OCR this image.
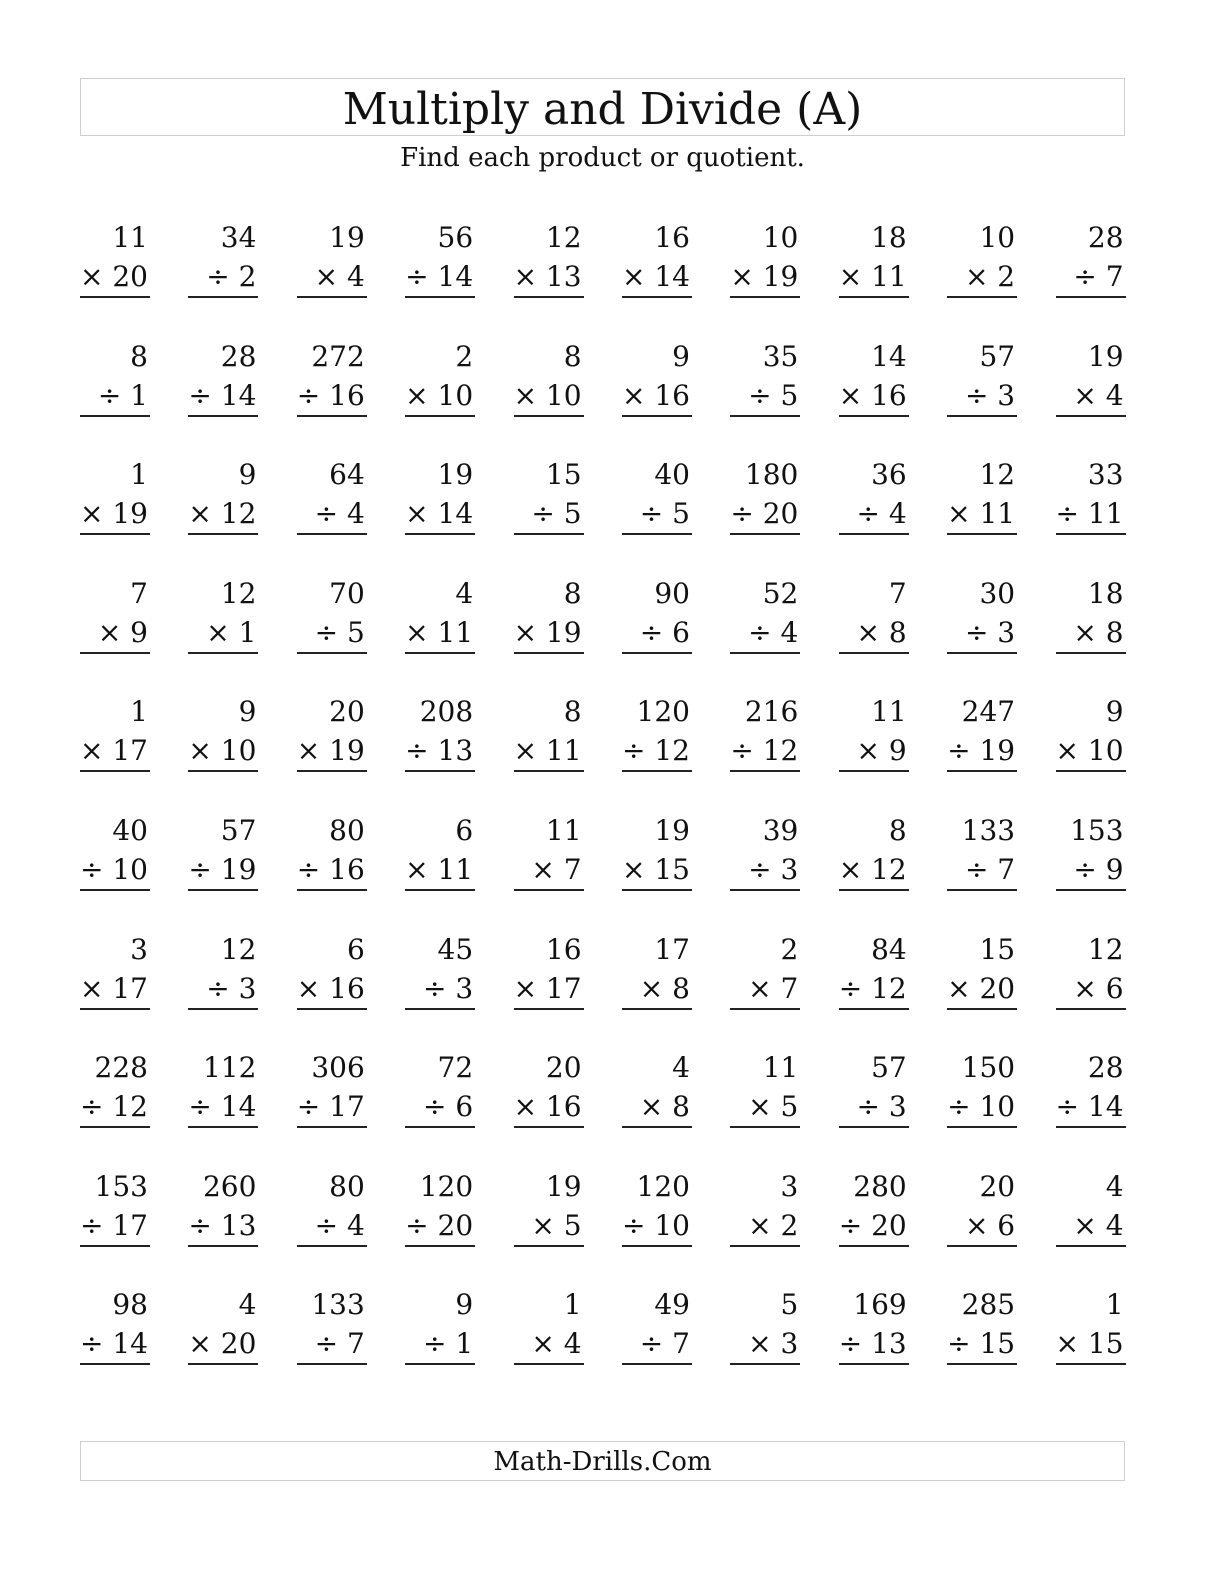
Multiply and Divide (A)
Find each product or quotient.
11
× 20
34
÷ 2
19
× 4
56
÷ 14
12
× 13
16
× 14
10
× 19
18
× 11
10
× 2
28
÷ 7
8
÷ 1
28
÷ 14
272
÷ 16
2
× 10
8
× 10
9
× 16
35
÷ 5
14
× 16
57
÷ 3
19
× 4
1
× 19
9
× 12
64
÷ 4
19
× 14
15
÷ 5
40
÷ 5
180
÷ 20
36
÷ 4
12
× 11
33
÷ 11
7
× 9
12
× 1
70
÷ 5
4
× 11
8
× 19
90
÷ 6
52
÷ 4
7
× 8
30
÷ 3
18
× 8
1
× 17
9
× 10
20
× 19
208
÷ 13
8
× 11
120
÷ 12
216
÷ 12
11
× 9
247
÷ 19
9
× 10
40
÷ 10
57
÷ 19
80
÷ 16
6
× 11
11
× 7
19
× 15
39
÷ 3
8
× 12
133
÷ 7
153
÷ 9
3
× 17
12
÷ 3
6
× 16
45
÷ 3
16
× 17
17
× 8
2
× 7
84
÷ 12
15
× 20
12
× 6
228
÷ 12
112
÷ 14
306
÷ 17
72
÷ 6
20
× 16
4
× 8
11
× 5
57
÷ 3
150
÷ 10
28
÷ 14
153
÷ 17
260
÷ 13
80
÷ 4
120
÷ 20
19
× 5
120
÷ 10
3
× 2
280
÷ 20
20
× 6
4
× 4
98
÷ 14
4
× 20
133
÷ 7
9
÷ 1
1
× 4
49
÷ 7
5
× 3
169
÷ 13
285
÷ 15
1
× 15
Math-Drills.Com
